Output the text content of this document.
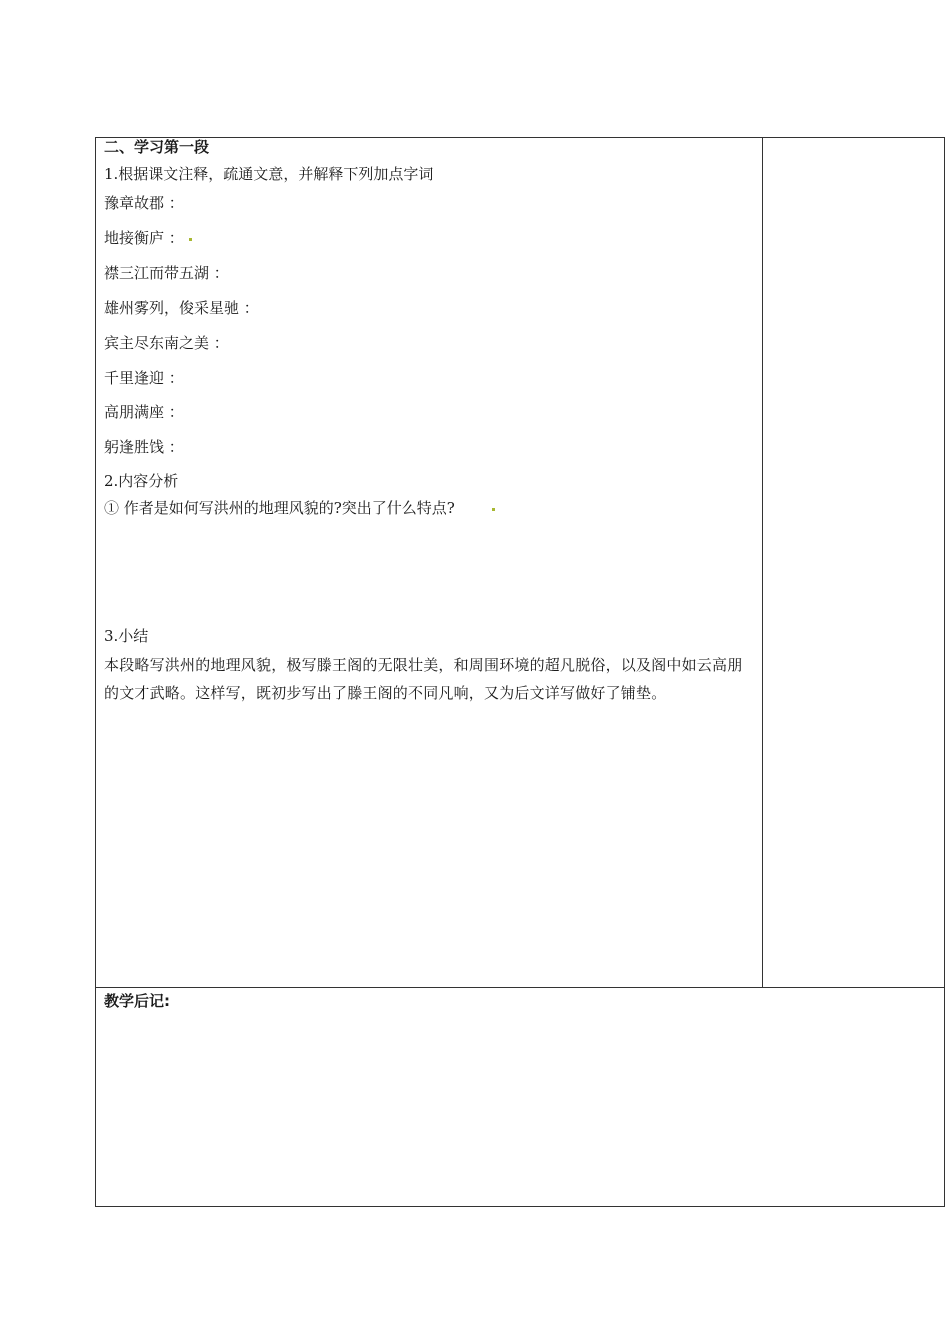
二、学习第一段
1.根据课文注释，疏通文意，并解释下列加点字词
豫章故郡 ：
地接衡庐 ：
襟三江而带五湖 ：
雄州雾列，俊采星驰 ：
宾主尽东南之美 ：
千里逢迎 ：
高朋满座 ：
躬逢胜饯 ：
2.内容分析
① 作者是如何写洪州的地理风貌的?突出了什么特点?
3.小结
本段略写洪州的地理风貌，极写滕王阁的无限壮美，和周围环境的超凡脱俗，以及阁中如云高朋的文才武略。这样写，既初步写出了滕王阁的不同凡响，又为后文详写做好了铺垫。
教学后记:
